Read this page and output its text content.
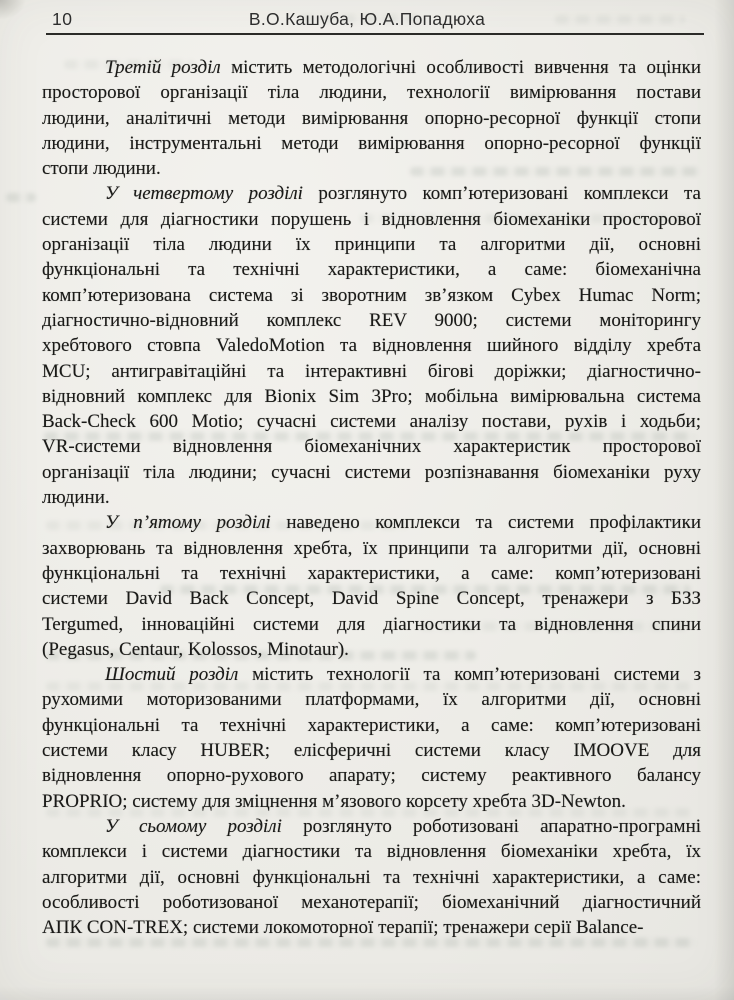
10	В.О.Кашуба, Ю.А.Попадюха
Третій розділ містить методологічні особливості вивчення та оцінки
просторової організації тіла людини, технології вимірювання постави
людини, аналітичні методи вимірювання опорно-ресорної функції стопи
людини, інструментальні методи вимірювання опорно-ресорної функції
стопи людини.
У четвертому розділі розглянуто комп’ютеризовані комплекси та
системи для діагностики порушень і відновлення біомеханіки просторової
організації тіла людини їх принципи та алгоритми дії, основні
функціональні та технічні характеристики, а саме: біомеханічна
комп’ютеризована система зі зворотним зв’язком Cybex Humac Norm;
діагностично-відновний комплекс REV 9000; системи моніторингу
хребтового стовпа ValedoMotion та відновлення шийного відділу хребта
MCU; антигравітаційні та інтерактивні бігові доріжки; діагностично-
відновний комплекс для Bionix Sim 3Pro; мобільна вимірювальна система
Back-Check 600 Motio; сучасні системи аналізу постави, рухів і ходьби;
VR-системи відновлення біомеханічних характеристик просторової
організації тіла людини; сучасні системи розпізнавання біомеханіки руху
людини.
У п’ятому розділі наведено комплекси та системи профілактики
захворювань та відновлення хребта, їх принципи та алгоритми дії, основні
функціональні та технічні характеристики, а саме: комп’ютеризовані
системи David Back Concept, David Spine Concept, тренажери з БЗЗ
Tergumed, інноваційні системи для діагностики та відновлення спини
(Pegasus, Centaur, Kolossos, Minotaur).
Шостий розділ містить технології та комп’ютеризовані системи з
рухомими моторизованими платформами, їх алгоритми дії, основні
функціональні та технічні характеристики, а саме: комп’ютеризовані
системи класу HUBER; елісферичні системи класу IMOOVE для
відновлення опорно-рухового апарату; систему реактивного балансу
PROPRIO; систему для зміцнення м’язового корсету хребта 3D-Newton.
У сьомому розділі розглянуто роботизовані апаратно-програмні
комплекси і системи діагностики та відновлення біомеханіки хребта, їх
алгоритми дії, основні функціональні та технічні характеристики, а саме:
особливості роботизованої механотерапії; біомеханічний діагностичний
АПК CON-TREX; системи локомоторної терапії; тренажери серії Balance-
